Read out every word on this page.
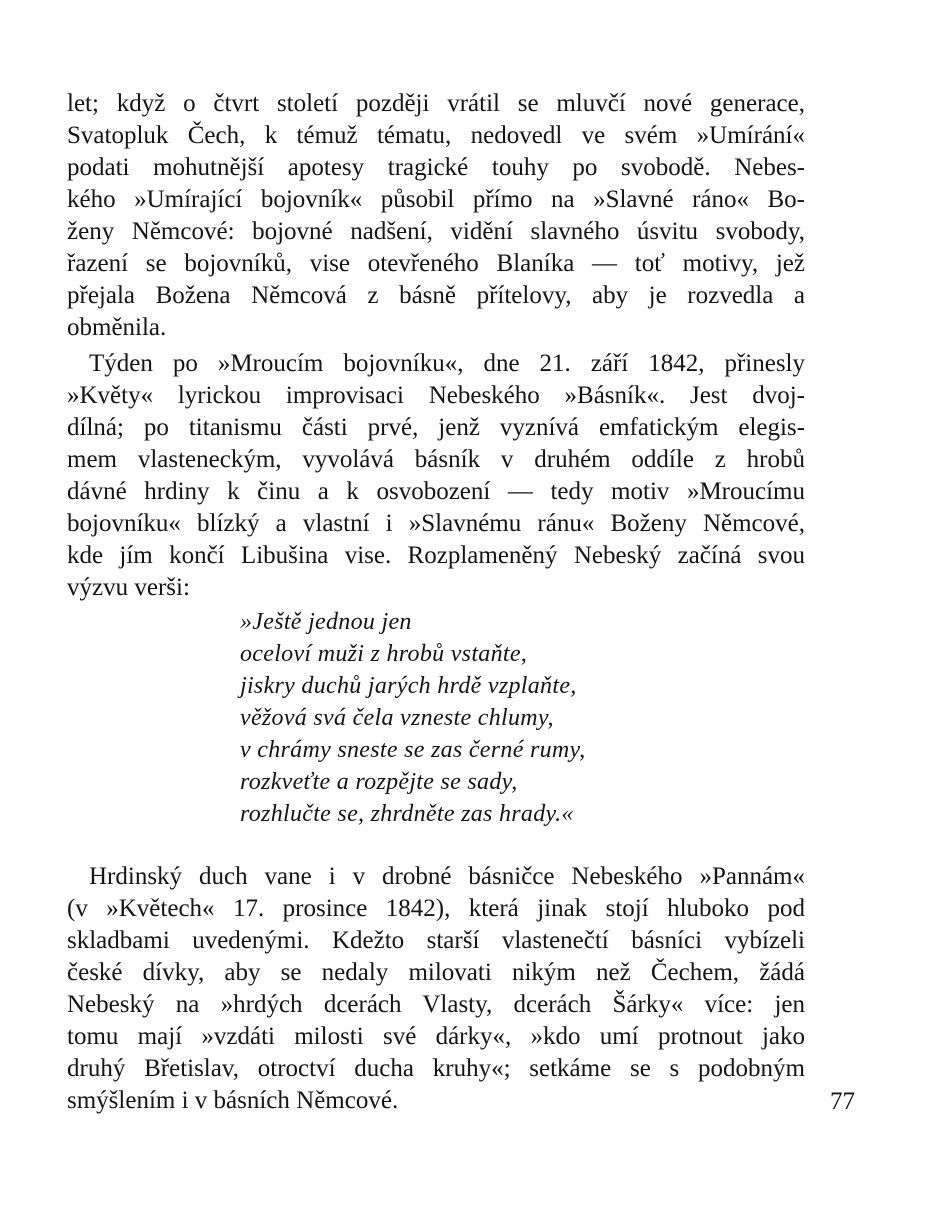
let; když o čtvrt století později vrátil se mluvčí nové generace,
Svatopluk Čech, k témuž tématu, nedovedl ve svém »Umírání«
podati mohutnější apotesy tragické touhy po svobodě. Nebes-
kého »Umírající bojovník« působil přímo na »Slavné ráno« Bo-
ženy Němcové: bojovné nadšení, vidění slavného úsvitu svobody,
řazení se bojovníků, vise otevřeného Blaníka — toť motivy, jež
přejala Božena Němcová z básně přítelovy, aby je rozvedla a
obměnila.
Týden po »Mroucím bojovníku«, dne 21. září 1842, přinesly
»Květy« lyrickou improvisaci Nebeského »Básník«. Jest dvoj-
dílná; po titanismu části prvé, jenž vyznívá emfatickým elegis-
mem vlasteneckým, vyvolává básník v druhém oddíle z hrobů
dávné hrdiny k činu a k osvobození — tedy motiv »Mroucímu
bojovníku« blízký a vlastní i »Slavnému ránu« Boženy Němcové,
kde jím končí Libušina vise. Rozplameněný Nebeský začíná svou
výzvu verši:
»Ještě jednou jen
oceloví muži z hrobů vstaňte,
jiskry duchů jarých hrdě vzplaňte,
věžová svá čela vzneste chlumy,
v chrámy sneste se zas černé rumy,
rozkveťte a rozpějte se sady,
rozhlučte se, zhrdněte zas hrady.«
Hrdinský duch vane i v drobné básničce Nebeského »Pannám«
(v »Květech« 17. prosince 1842), která jinak stojí hluboko pod
skladbami uvedenými. Kdežto starší vlastenečtí básníci vybízeli
české dívky, aby se nedaly milovati nikým než Čechem, žádá
Nebeský na »hrdých dcerách Vlasty, dcerách Šárky« více: jen
tomu mají »vzdáti milosti své dárky«, »kdo umí protnout jako
druhý Břetislav, otroctví ducha kruhy«; setkáme se s podobným
smýšlením i v básních Němcové.	77
